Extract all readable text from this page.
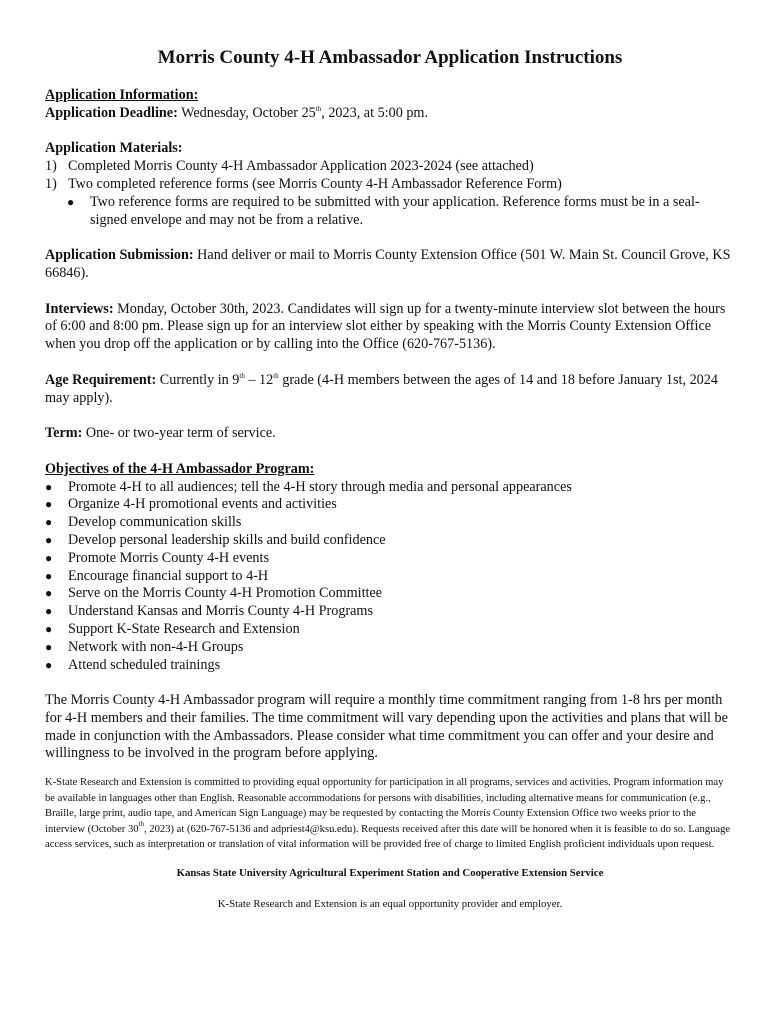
Morris County 4-H Ambassador Application Instructions

Application Information:

Application Deadline: Wednesday, October 25th, 2023, at 5:00 pm.

Application Materials:

1) Completed Morris County 4-H Ambassador Application 2023-2024 (see attached)
1) Two completed reference forms (see Morris County 4-H Ambassador Reference Form)
●	Two reference forms are required to be submitted with your application. Reference forms must be in a seal-signed envelope and may not be from a relative.

Application Submission: Hand deliver or mail to Morris County Extension Office (501 W. Main St. Council Grove, KS 66846).

Interviews: Monday, October 30th, 2023. Candidates will sign up for a twenty-minute interview slot between the hours of 6:00 and 8:00 pm. Please sign up for an interview slot either by speaking with the Morris County Extension Office when you drop off the application or by calling into the Office (620-767-5136).

Age Requirement: Currently in 9th – 12th grade (4-H members between the ages of 14 and 18 before January 1st, 2024 may apply).

Term: One- or two-year term of service.

Objectives of the 4-H Ambassador Program:

●	Promote 4-H to all audiences; tell the 4-H story through media and personal appearances
●	Organize 4-H promotional events and activities
●	Develop communication skills
●	Develop personal leadership skills and build confidence
●	Promote Morris County 4-H events
●	Encourage financial support to 4-H
●	Serve on the Morris County 4-H Promotion Committee
●	Understand Kansas and Morris County 4-H Programs
●	Support K-State Research and Extension
●	Network with non-4-H Groups
●	Attend scheduled trainings

The Morris County 4-H Ambassador program will require a monthly time commitment ranging from 1-8 hrs per month for 4-H members and their families. The time commitment will vary depending upon the activities and plans that will be made in conjunction with the Ambassadors. Please consider what time commitment you can offer and your desire and willingness to be involved in the program before applying.

K-State Research and Extension is committed to providing equal opportunity for participation in all programs, services and activities. Program information may be available in languages other than English. Reasonable accommodations for persons with disabilities, including alternative means for communication (e.g., Braille, large print, audio tape, and American Sign Language) may be requested by contacting the Morris County Extension Office two weeks prior to the interview (October 30th, 2023) at (620-767-5136 and adpriest4@ksu.edu). Requests received after this date will be honored when it is feasible to do so. Language access services, such as interpretation or translation of vital information will be provided free of charge to limited English proficient individuals upon request.

Kansas State University Agricultural Experiment Station and Cooperative Extension Service

K-State Research and Extension is an equal opportunity provider and employer.
